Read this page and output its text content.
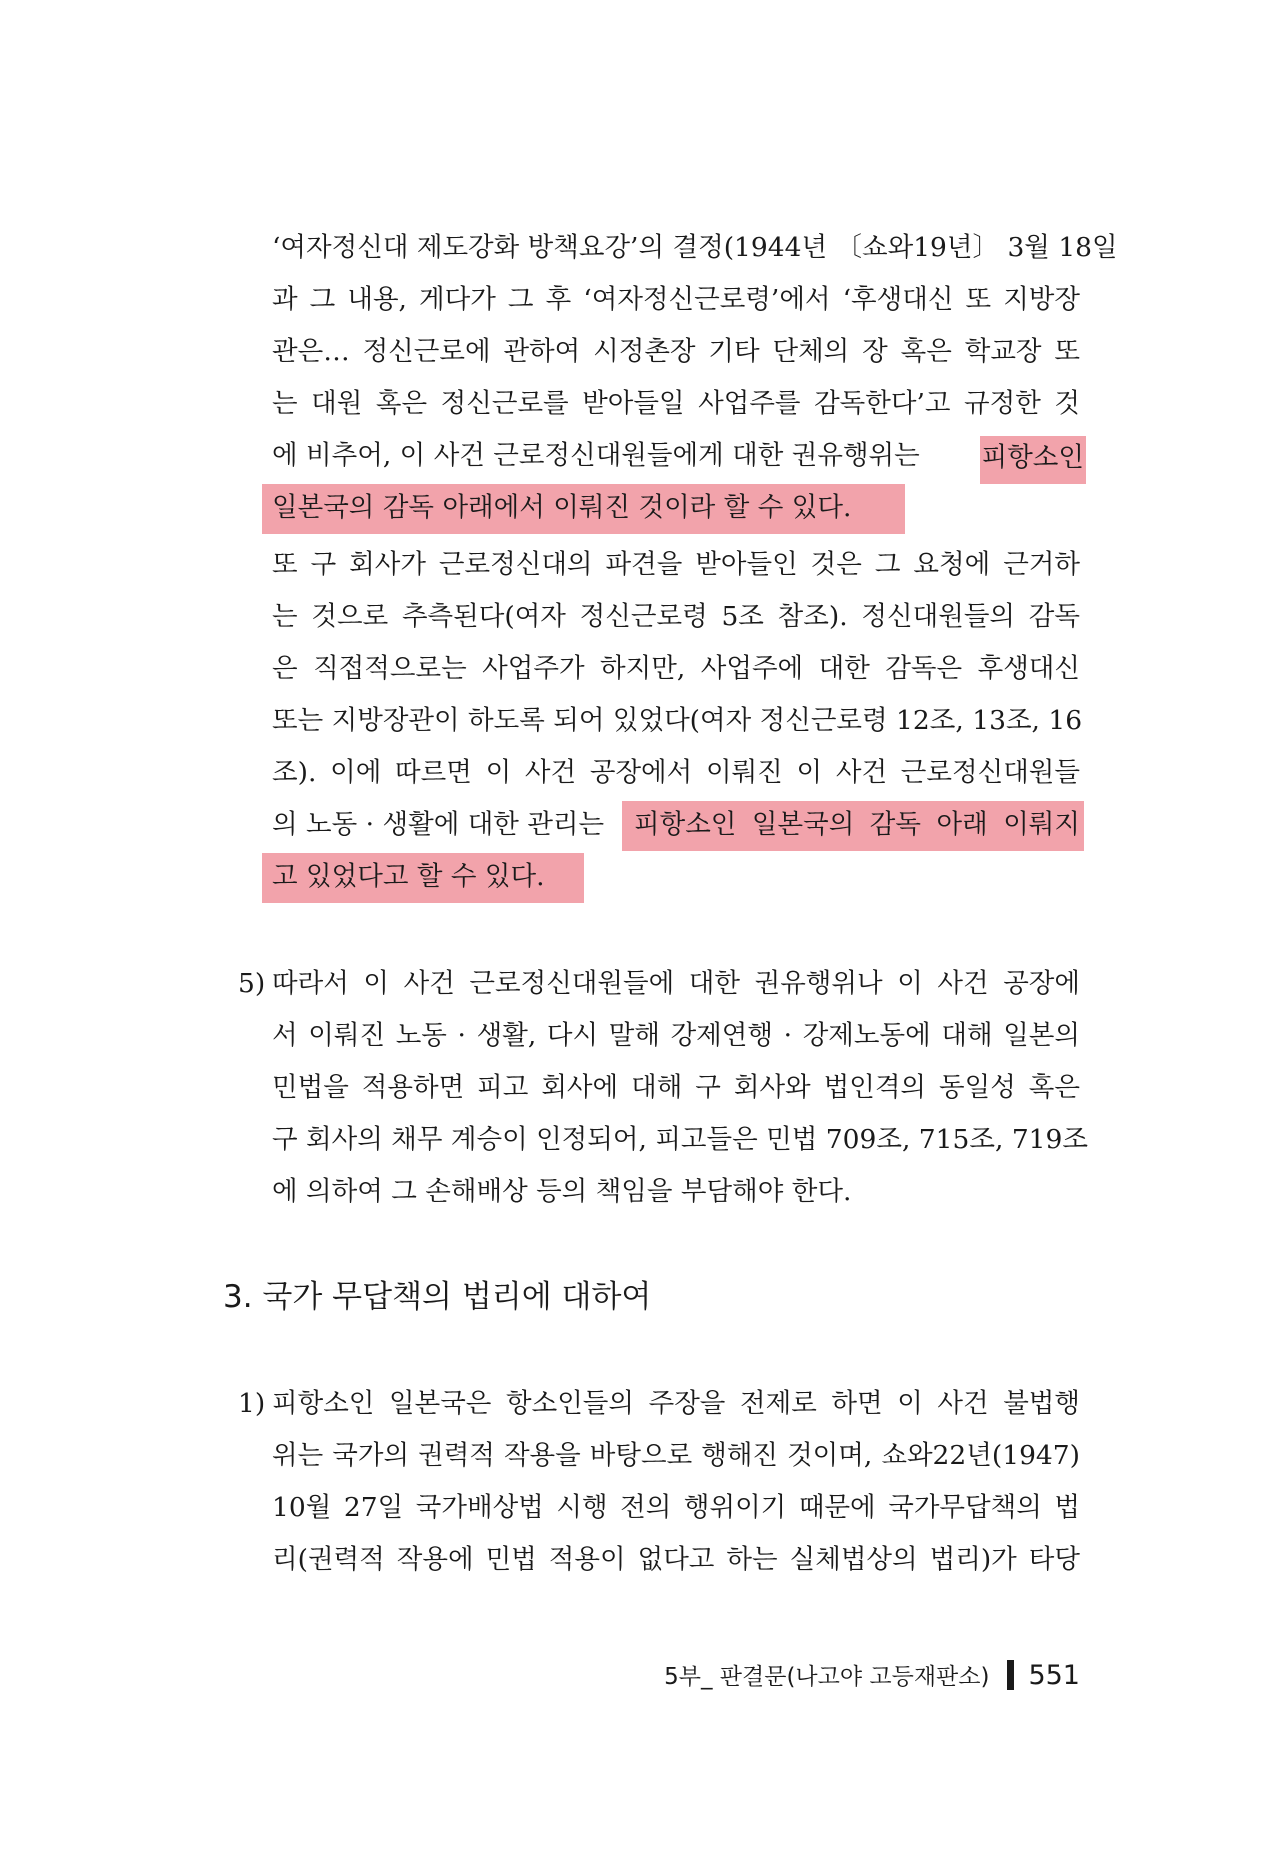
‘여자정신대 제도강화 방책요강’의 결정(1944년 〔쇼와19년〕 3월 18일
과 그 내용, 게다가 그 후 ‘여자정신근로령’에서 ‘후생대신 또 지방장
관은… 정신근로에 관하여 시정촌장 기타 단체의 장 혹은 학교장 또
는 대원 혹은 정신근로를 받아들일 사업주를 감독한다’고 규정한 것
에 비추어, 이 사건 근로정신대원들에게 대한 권유행위는 피항소인
일본국의 감독 아래에서 이뤄진 것이라 할 수 있다.
또 구 회사가 근로정신대의 파견을 받아들인 것은 그 요청에 근거하
는 것으로 추측된다(여자 정신근로령 5조 참조). 정신대원들의 감독
은 직접적으로는 사업주가 하지만, 사업주에 대한 감독은 후생대신
또는 지방장관이 하도록 되어 있었다(여자 정신근로령 12조, 13조, 16
조). 이에 따르면 이 사건 공장에서 이뤄진 이 사건 근로정신대원들
의 노동 · 생활에 대한 관리는 피항소인 일본국의 감독 아래 이뤄지
고 있었다고 할 수 있다.
5) 따라서 이 사건 근로정신대원들에 대한 권유행위나 이 사건 공장에
서 이뤄진 노동 · 생활, 다시 말해 강제연행 · 강제노동에 대해 일본의
민법을 적용하면 피고 회사에 대해 구 회사와 법인격의 동일성 혹은
구 회사의 채무 계승이 인정되어, 피고들은 민법 709조, 715조, 719조
에 의하여 그 손해배상 등의 책임을 부담해야 한다.
3. 국가 무답책의 법리에 대하여
1) 피항소인 일본국은 항소인들의 주장을 전제로 하면 이 사건 불법행
위는 국가의 권력적 작용을 바탕으로 행해진 것이며, 쇼와22년(1947)
10월 27일 국가배상법 시행 전의 행위이기 때문에 국가무답책의 법
리(권력적 작용에 민법 적용이 없다고 하는 실체법상의 법리)가 타당
5부_ 판결문(나고야 고등재판소) 551
